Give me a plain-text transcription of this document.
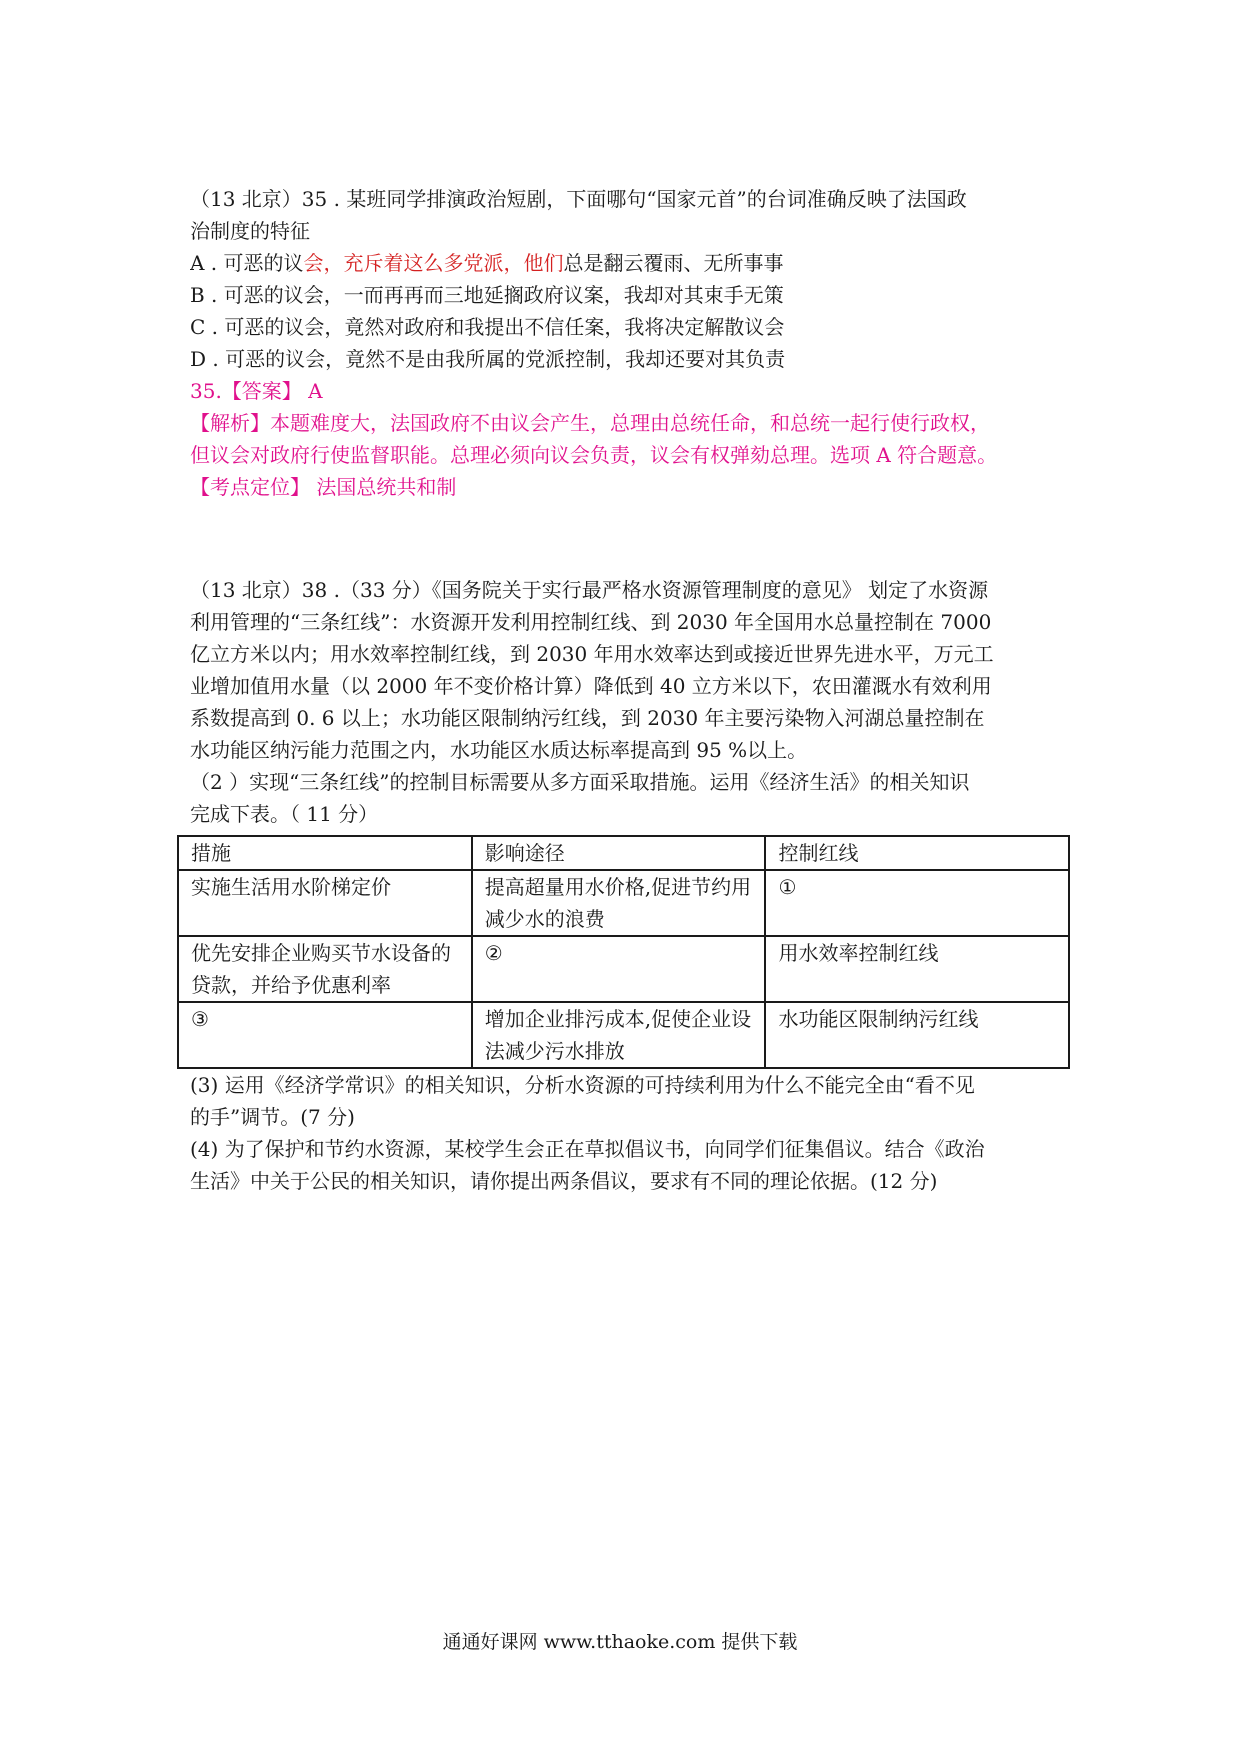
（13 北京）35 . 某班同学排演政治短剧，下面哪句“国家元首”的台词准确反映了法国政
治制度的特征
A . 可恶的议会，充斥着这么多党派，他们总是翻云覆雨、无所事事
B . 可恶的议会，一而再再而三地延搁政府议案，我却对其束手无策
C . 可恶的议会，竟然对政府和我提出不信任案，我将决定解散议会
D . 可恶的议会，竟然不是由我所属的党派控制，我却还要对其负责
35.【答案】 A
【解析】本题难度大，法国政府不由议会产生，总理由总统任命，和总统一起行使行政权，
但议会对政府行使监督职能。总理必须向议会负责，议会有权弹劾总理。选项 A 符合题意。
【考点定位】 法国总统共和制
（13 北京）38 .（33 分）《国务院关于实行最严格水资源管理制度的意见》 划定了水资源
利用管理的“三条红线”：水资源开发利用控制红线、到 2030 年全国用水总量控制在 7000
亿立方米以内；用水效率控制红线，到 2030 年用水效率达到或接近世界先进水平，万元工
业增加值用水量（以 2000 年不变价格计算）降低到 40 立方米以下，农田灌溉水有效利用
系数提高到 0. 6 以上；水功能区限制纳污红线，到 2030 年主要污染物入河湖总量控制在
水功能区纳污能力范围之内，水功能区水质达标率提高到 95 %以上。
（2 ）实现“三条红线”的控制目标需要从多方面采取措施。运用《经济生活》的相关知识
完成下表。（ 11 分）
措施	影响途径	控制红线
实施生活用水阶梯定价	提高超量用水价格,促进节约用减少水的浪费	①
优先安排企业购买节水设备的贷款，并给予优惠利率	②	用水效率控制红线
③	增加企业排污成本,促使企业设法减少污水排放	水功能区限制纳污红线
(3) 运用《经济学常识》的相关知识，分析水资源的可持续利用为什么不能完全由“看不见
的手”调节。(7 分)
(4) 为了保护和节约水资源，某校学生会正在草拟倡议书，向同学们征集倡议。结合《政治
生活》中关于公民的相关知识，请你提出两条倡议，要求有不同的理论依据。(12 分)
通通好课网 www.tthaoke.com 提供下载
